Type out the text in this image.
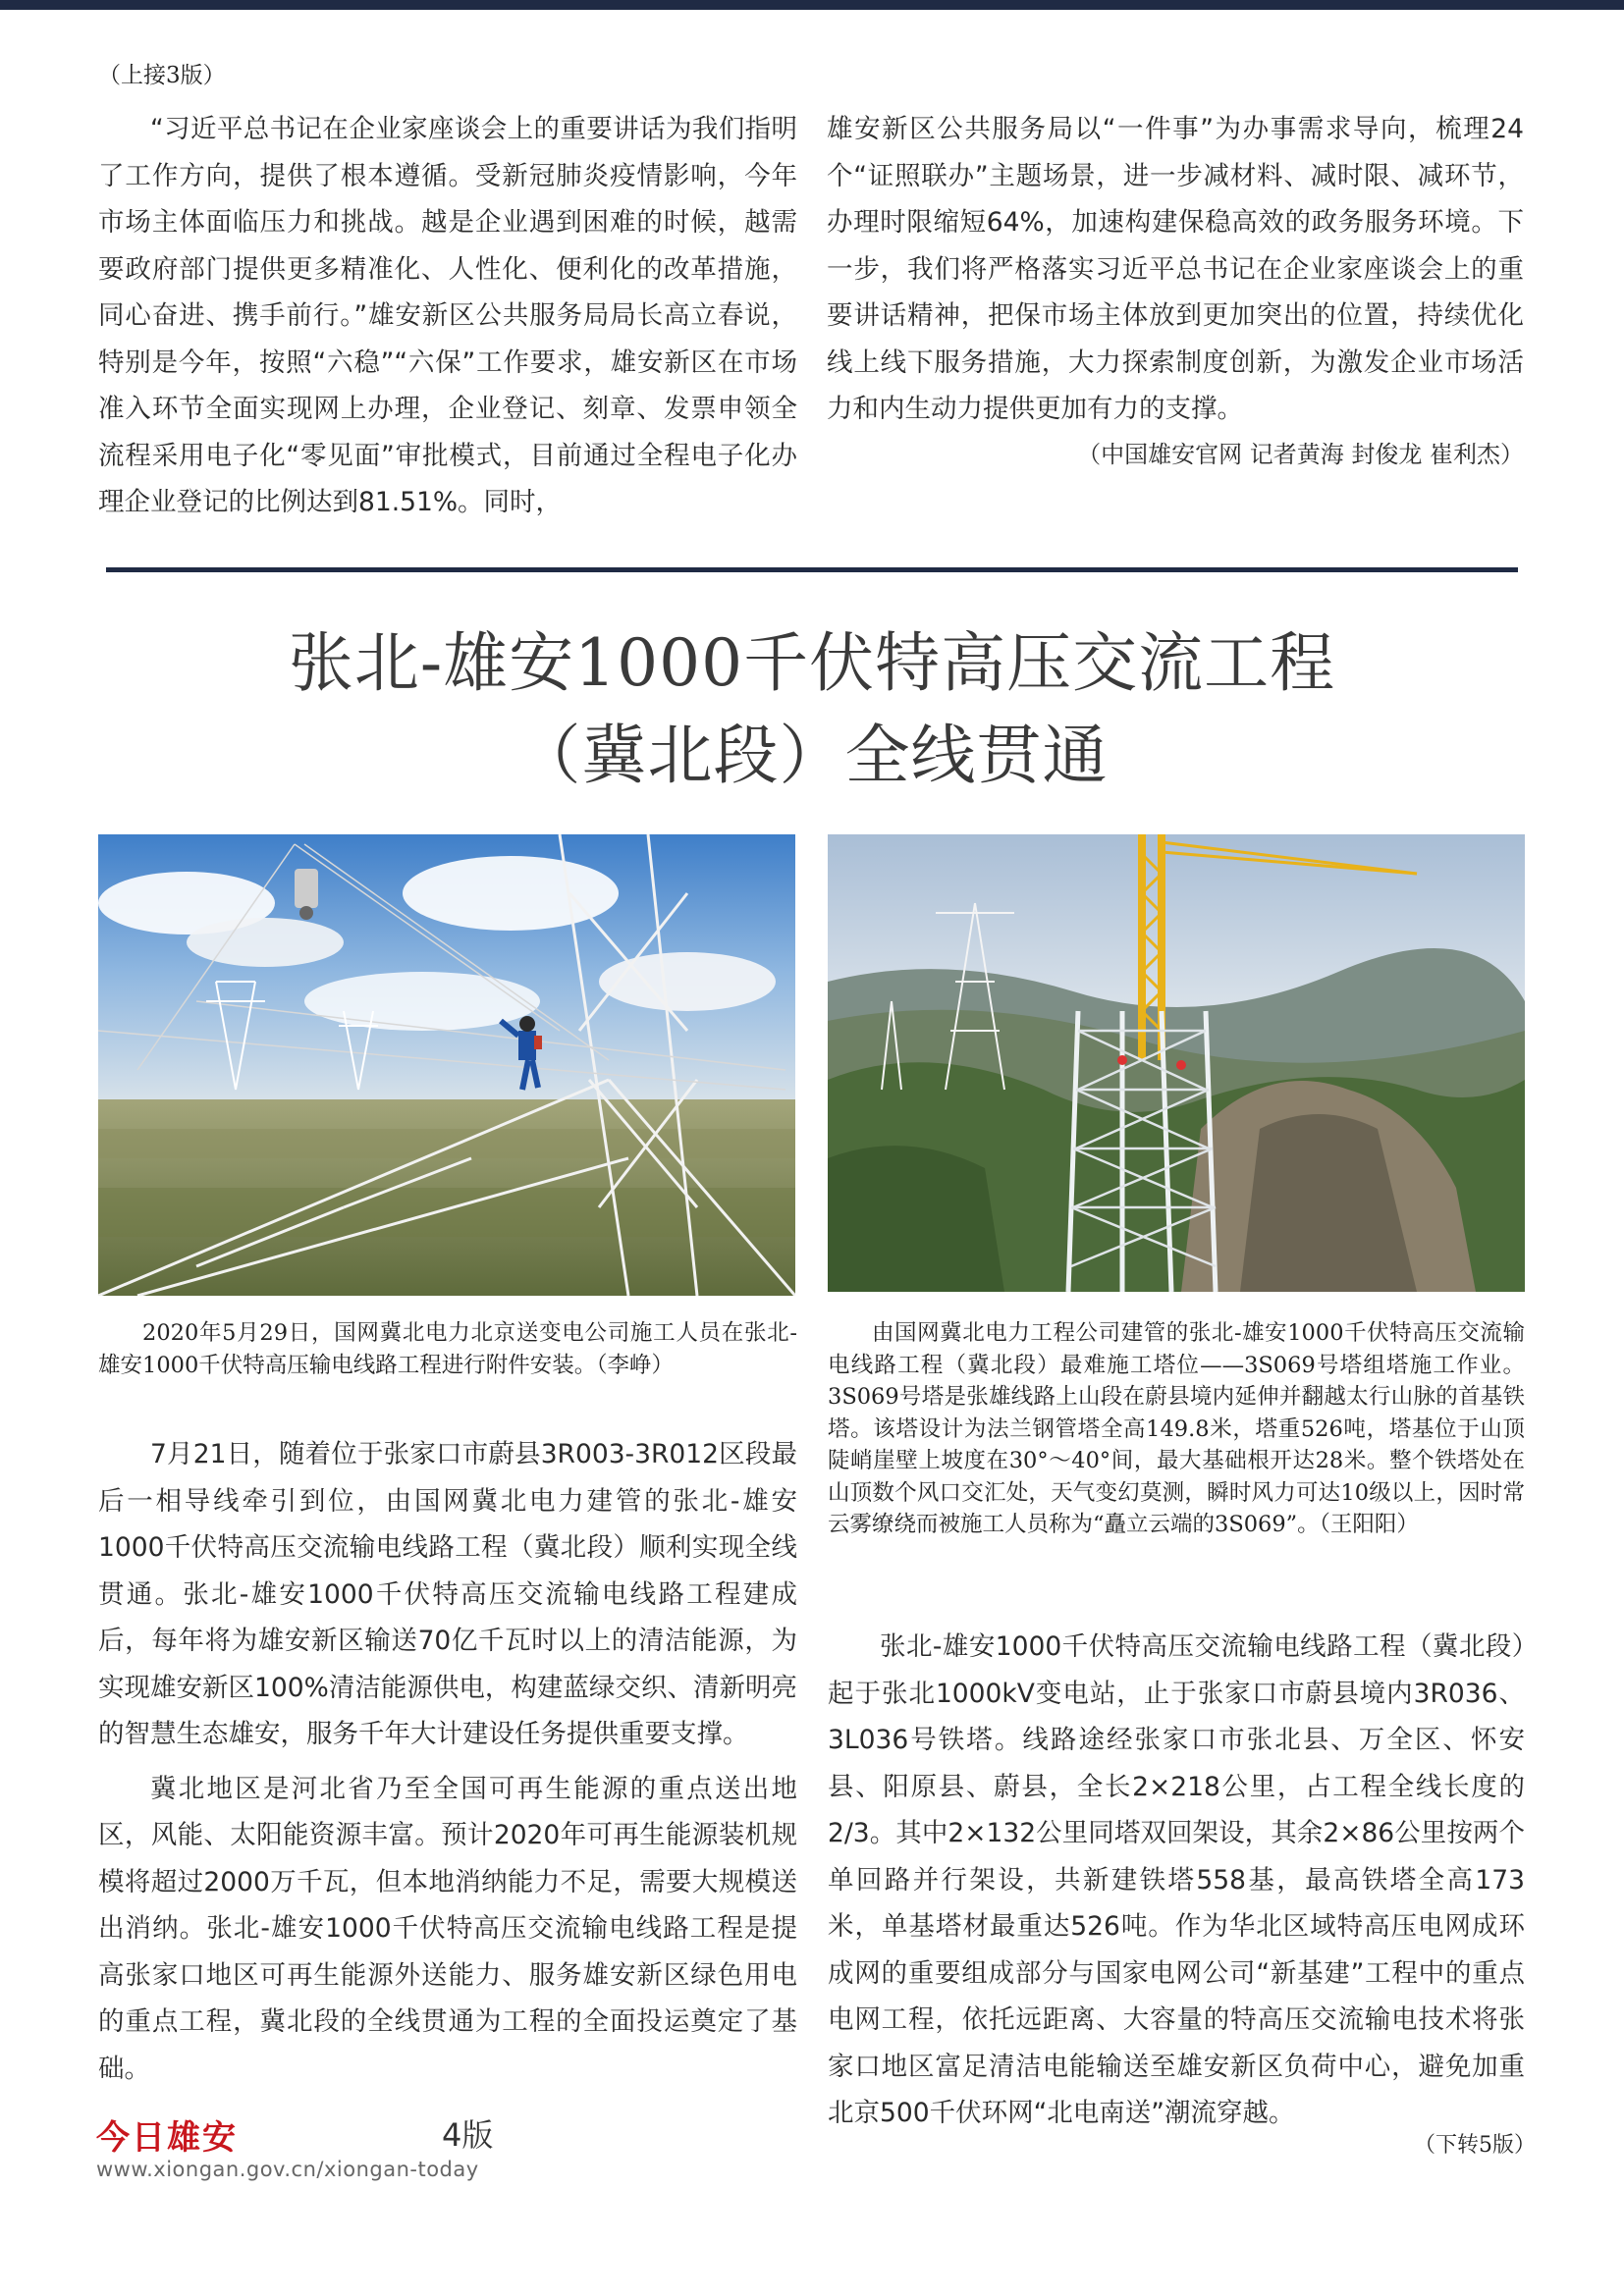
（上接3版）

“习近平总书记在企业家座谈会上的重要讲话为我们指明了工作方向，提供了根本遵循。受新冠肺炎疫情影响，今年市场主体面临压力和挑战。越是企业遇到困难的时候，越需要政府部门提供更多精准化、人性化、便利化的改革措施，同心奋进、携手前行。”雄安新区公共服务局局长高立春说，特别是今年，按照“六稳”“六保”工作要求，雄安新区在市场准入环节全面实现网上办理，企业登记、刻章、发票申领全流程采用电子化“零见面”审批模式，目前通过全程电子化办理企业登记的比例达到81.51%。同时，

雄安新区公共服务局以“一件事”为办事需求导向，梳理24个“证照联办”主题场景，进一步减材料、减时限、减环节，办理时限缩短64%，加速构建保稳高效的政务服务环境。下一步，我们将严格落实习近平总书记在企业家座谈会上的重要讲话精神，把保市场主体放到更加突出的位置，持续优化线上线下服务措施，大力探索制度创新，为激发企业市场活力和内生动力提供更加有力的支撑。

（中国雄安官网 记者黄海 封俊龙 崔利杰）
张北-雄安1000千伏特高压交流工程
（冀北段）全线贯通

2020年5月29日，国网冀北电力北京送变电公司施工人员在张北-雄安1000千伏特高压输电线路工程进行附件安装。（李峥）

由国网冀北电力工程公司建管的张北-雄安1000千伏特高压交流输电线路工程（冀北段）最难施工塔位——3S069号塔组塔施工作业。3S069号塔是张雄线路上山段在蔚县境内延伸并翻越太行山脉的首基铁塔。该塔设计为法兰钢管塔全高149.8米，塔重526吨，塔基位于山顶陡峭崖壁上坡度在30°～40°间，最大基础根开达28米。整个铁塔处在山顶数个风口交汇处，天气变幻莫测，瞬时风力可达10级以上，因时常云雾缭绕而被施工人员称为“矗立云端的3S069”。（王阳阳）

7月21日，随着位于张家口市蔚县3R003-3R012区段最后一相导线牵引到位，由国网冀北电力建管的张北-雄安1000千伏特高压交流输电线路工程（冀北段）顺利实现全线贯通。张北-雄安1000千伏特高压交流输电线路工程建成后，每年将为雄安新区输送70亿千瓦时以上的清洁能源，为实现雄安新区100%清洁能源供电，构建蓝绿交织、清新明亮的智慧生态雄安，服务千年大计建设任务提供重要支撑。

冀北地区是河北省乃至全国可再生能源的重点送出地区，风能、太阳能资源丰富。预计2020年可再生能源装机规模将超过2000万千瓦，但本地消纳能力不足，需要大规模送出消纳。张北-雄安1000千伏特高压交流输电线路工程是提高张家口地区可再生能源外送能力、服务雄安新区绿色用电的重点工程，冀北段的全线贯通为工程的全面投运奠定了基础。

张北-雄安1000千伏特高压交流输电线路工程（冀北段）起于张北1000kV变电站，止于张家口市蔚县境内3R036、3L036号铁塔。线路途经张家口市张北县、万全区、怀安县、阳原县、蔚县，全长2×218公里，占工程全线长度的2/3。其中2×132公里同塔双回架设，其余2×86公里按两个单回路并行架设，共新建铁塔558基，最高铁塔全高173米，单基塔材最重达526吨。作为华北区域特高压电网成环成网的重要组成部分与国家电网公司“新基建”工程中的重点电网工程，依托远距离、大容量的特高压交流输电技术将张家口地区富足清洁电能输送至雄安新区负荷中心，避免加重北京500千伏环网“北电南送”潮流穿越。

今日雄安	4版
www.xiongan.gov.cn/xiongan-today
（下转5版）
